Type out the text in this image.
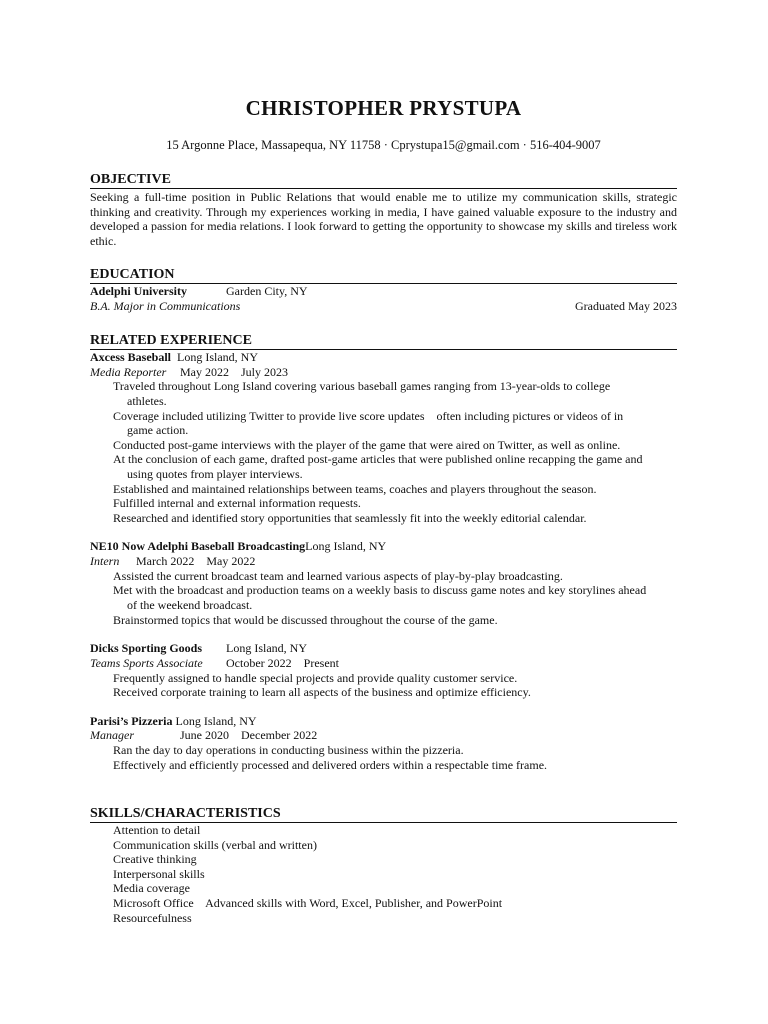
CHRISTOPHER PRYSTUPA
15 Argonne Place, Massapequa, NY 11758 · Cprystupa15@gmail.com · 516-404-9007
OBJECTIVE
Seeking a full-time position in Public Relations that would enable me to utilize my communication skills, strategic thinking and creativity. Through my experiences working in media, I have gained valuable exposure to the industry and developed a passion for media relations. I look forward to getting the opportunity to showcase my skills and tireless work ethic.
EDUCATION
Adelphi University	Garden City, NY
B.A. Major in Communications	Graduated May 2023
RELATED EXPERIENCE
Axcess Baseball Long Island, NY
Media Reporter May 2022    July 2023
Traveled throughout Long Island covering various baseball games ranging from 13-year-olds to college
athletes.
Coverage included utilizing Twitter to provide live score updates    often including pictures or videos of in
game action.
Conducted post-game interviews with the player of the game that were aired on Twitter, as well as online.
At the conclusion of each game, drafted post-game articles that were published online recapping the game and
using quotes from player interviews.
Established and maintained relationships between teams, coaches and players throughout the season.
Fulfilled internal and external information requests.
Researched and identified story opportunities that seamlessly fit into the weekly editorial calendar.
NE10 Now Adelphi Baseball BroadcastingLong Island, NY
Intern March 2022    May 2022
Assisted the current broadcast team and learned various aspects of play-by-play broadcasting.
Met with the broadcast and production teams on a weekly basis to discuss game notes and key storylines ahead
of the weekend broadcast.
Brainstormed topics that would be discussed throughout the course of the game.
Dicks Sporting Goods Long Island, NY
Teams Sports Associate October 2022    Present
Frequently assigned to handle special projects and provide quality customer service.
Received corporate training to learn all aspects of the business and optimize efficiency.
Parisi’s Pizzeria Long Island, NY
Manager	June 2020    December 2022
Ran the day to day operations in conducting business within the pizzeria.
Effectively and efficiently processed and delivered orders within a respectable time frame.
SKILLS/CHARACTERISTICS
Attention to detail
Communication skills (verbal and written)
Creative thinking
Interpersonal skills
Media coverage
Microsoft Office    Advanced skills with Word, Excel, Publisher, and PowerPoint
Resourcefulness
